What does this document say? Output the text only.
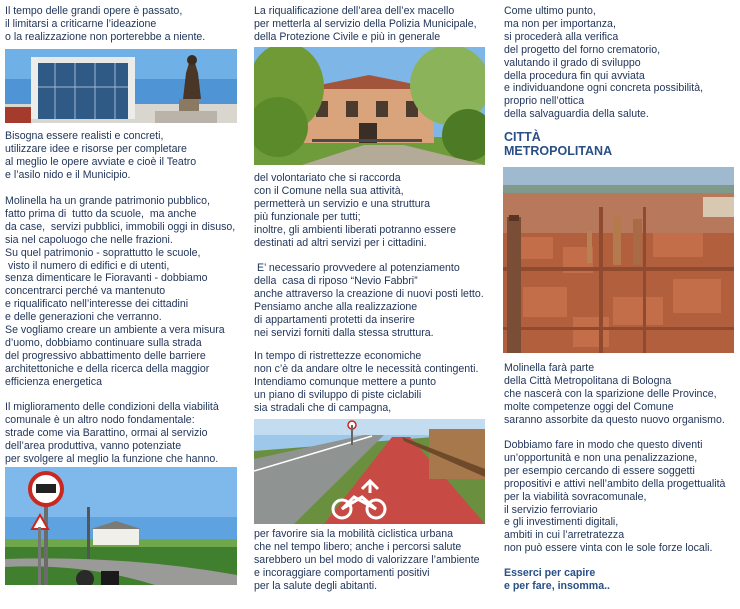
Il tempo delle grandi opere è passato,
il limitarsi a criticarne l’ideazione
o la realizzazione non porterebbe a niente.

Bisogna essere realisti e concreti,
utilizzare idee e risorse per completare
al meglio le opere avviate e cioè il Teatro
e l’asilo nido e il Municipio.

Molinella ha un grande patrimonio pubblico,
fatto prima di  tutto da scuole,  ma anche
da case,  servizi pubblici, immobili oggi in disuso,
sia nel capoluogo che nelle frazioni.
Su quel patrimonio - soprattutto le scuole,
visto il numero di edifici e di utenti,
senza dimenticare le Fioravanti - dobbiamo
concentrarci perché va mantenuto
e riqualificato nell’interesse dei cittadini
e delle generazioni che verranno.
Se vogliamo creare un ambiente a vera misura
d’uomo, dobbiamo continuare sulla strada
del progressivo abbattimento delle barriere
architettoniche e della ricerca della maggior
efficienza energetica

Il miglioramento delle condizioni della viabilità
comunale è un altro nodo fondamentale:
strade come via Barattino, ormai al servizio
dell’area produttiva, vanno potenziate
per svolgere al meglio la funzione che hanno.

La riqualificazione dell’area dell’ex macello
per metterla al servizio della Polizia Municipale,
della Protezione Civile e più in generale

del volontariato che si raccorda
con il Comune nella sua attività,
permetterà un servizio e una struttura
più funzionale per tutti;
inoltre, gli ambienti liberati potranno essere
destinati ad altri servizi per i cittadini.

E’ necessario provvedere al potenziamento
della  casa di riposo “Nevio Fabbri”
anche attraverso la creazione di nuovi posti letto.
Pensiamo anche alla realizzazione
di appartamenti protetti da inserire
nei servizi forniti dalla stessa struttura.

In tempo di ristrettezze economiche
non c’è da andare oltre le necessità contingenti.
Intendiamo comunque mettere a punto
un piano di sviluppo di piste ciclabili
sia stradali che di campagna,

per favorire sia la mobilità ciclistica urbana
che nel tempo libero; anche i percorsi salute
sarebbero un bel modo di valorizzare l’ambiente
e incoraggiare comportamenti positivi
per la salute degli abitanti.

Come ultimo punto,
ma non per importanza,
si procederà alla verifica
del progetto del forno crematorio,
valutando il grado di sviluppo
della procedura fin qui avviata
e individuandone ogni concreta possibilità,
proprio nell’ottica
della salvaguardia della salute.

CITTÀ
METROPOLITANA

Molinella farà parte
della Città Metropolitana di Bologna
che nascerà con la sparizione delle Province,
molte competenze oggi del Comune
saranno assorbite da questo nuovo organismo.

Dobbiamo fare in modo che questo diventi
un’opportunità e non una penalizzazione,
per esempio cercando di essere soggetti
propositivi e attivi nell’ambito della progettualità
per la viabilità sovracomunale,
il servizio ferroviario
e gli investimenti digitali,
ambiti in cui l’arretratezza
non può essere vinta con le sole forze locali.

Esserci per capire
e per fare, insomma..
